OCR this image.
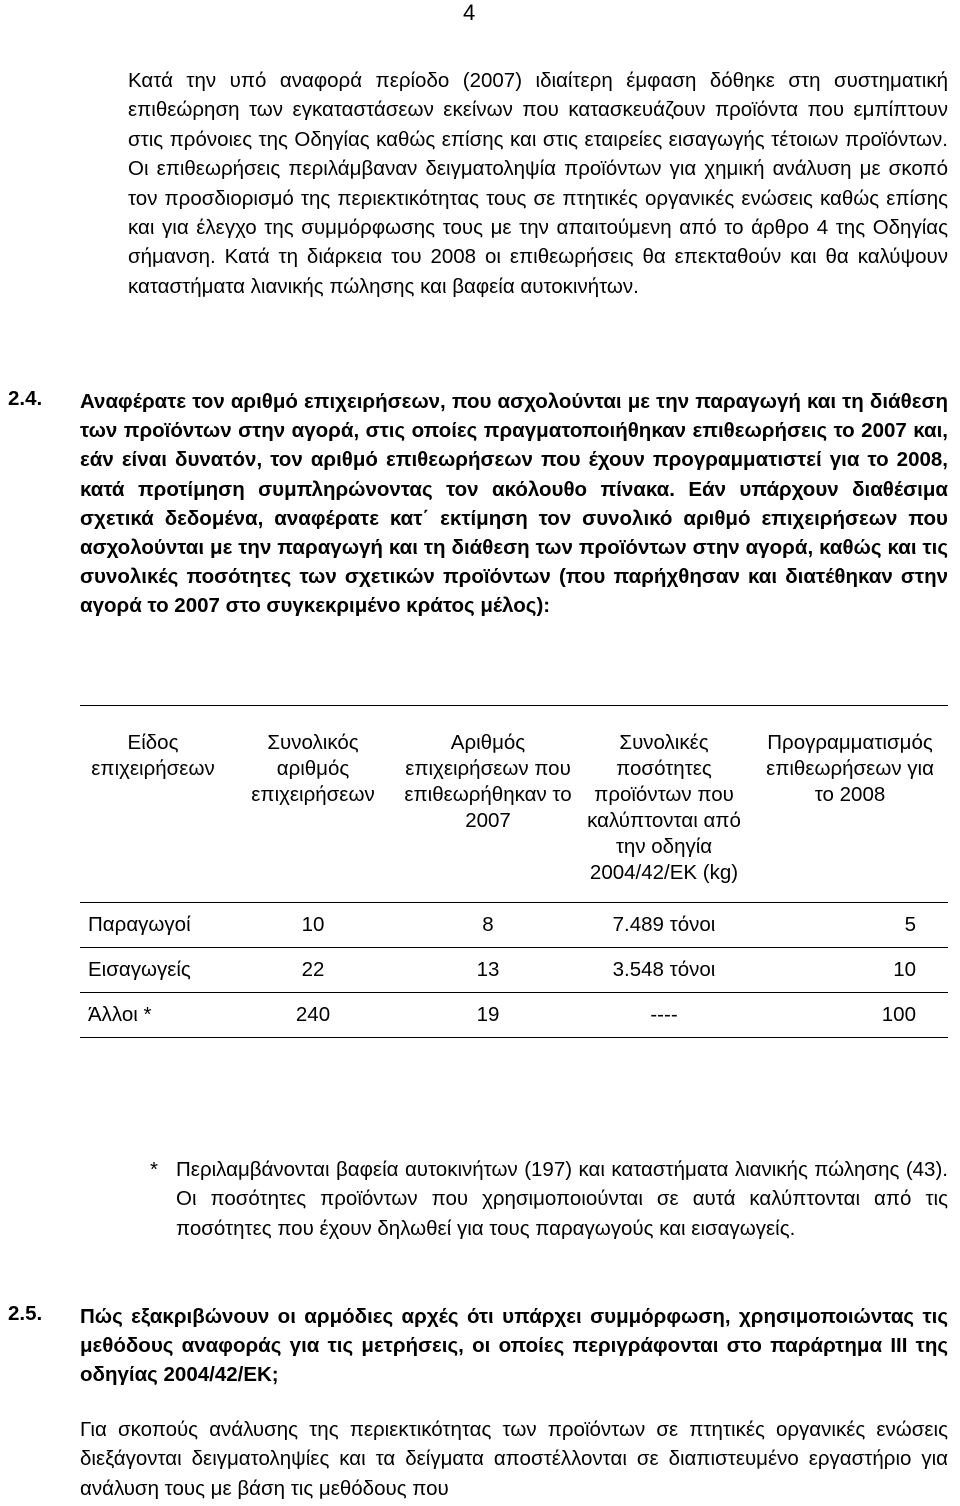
4
Κατά την υπό αναφορά περίοδο (2007) ιδιαίτερη έμφαση δόθηκε στη συστηματική επιθεώρηση των εγκαταστάσεων εκείνων που κατασκευάζουν προϊόντα που εμπίπτουν στις πρόνοιες της Οδηγίας καθώς επίσης και στις εταιρείες εισαγωγής τέτοιων προϊόντων. Οι επιθεωρήσεις περιλάμβαναν δειγματοληψία προϊόντων για χημική ανάλυση με σκοπό τον προσδιορισμό της περιεκτικότητας τους σε πτητικές οργανικές ενώσεις καθώς επίσης και για έλεγχο της συμμόρφωσης τους με την απαιτούμενη από το άρθρο 4 της Οδηγίας σήμανση. Κατά τη διάρκεια του 2008 οι επιθεωρήσεις θα επεκταθούν και θα καλύψουν καταστήματα λιανικής πώλησης και βαφεία αυτοκινήτων.
2.4. Αναφέρατε τον αριθμό επιχειρήσεων, που ασχολούνται με την παραγωγή και τη διάθεση των προϊόντων στην αγορά, στις οποίες πραγματοποιήθηκαν επιθεωρήσεις το 2007 και, εάν είναι δυνατόν, τον αριθμό επιθεωρήσεων που έχουν προγραμματιστεί για το 2008, κατά προτίμηση συμπληρώνοντας τον ακόλουθο πίνακα. Εάν υπάρχουν διαθέσιμα σχετικά δεδομένα, αναφέρατε κατ΄ εκτίμηση τον συνολικό αριθμό επιχειρήσεων που ασχολούνται με την παραγωγή και τη διάθεση των προϊόντων στην αγορά, καθώς και τις συνολικές ποσότητες των σχετικών προϊόντων (που παρήχθησαν και διατέθηκαν στην αγορά το 2007 στο συγκεκριμένο κράτος μέλος):
Είδος επιχειρήσεων	Συνολικός αριθμός επιχειρήσεων	Αριθμός επιχειρήσεων που επιθεωρήθηκαν το 2007	Συνολικές ποσότητες προϊόντων που καλύπτονται από την οδηγία 2004/42/ΕΚ (kg)	Προγραμματισμός επιθεωρήσεων για το 2008
Παραγωγοί	10	8	7.489 τόνοι	5
Εισαγωγείς	22	13	3.548 τόνοι	10
Άλλοι *	240	19	----	100
* Περιλαμβάνονται βαφεία αυτοκινήτων (197) και καταστήματα λιανικής πώλησης (43). Οι ποσότητες προϊόντων που χρησιμοποιούνται σε αυτά καλύπτονται από τις ποσότητες που έχουν δηλωθεί για τους παραγωγούς και εισαγωγείς.
2.5. Πώς εξακριβώνουν οι αρμόδιες αρχές ότι υπάρχει συμμόρφωση, χρησιμοποιώντας τις μεθόδους αναφοράς για τις μετρήσεις, οι οποίες περιγράφονται στο παράρτημα III της οδηγίας 2004/42/ΕΚ;
Για σκοπούς ανάλυσης της περιεκτικότητας των προϊόντων σε πτητικές οργανικές ενώσεις διεξάγονται δειγματοληψίες και τα δείγματα αποστέλλονται σε διαπιστευμένο εργαστήριο για ανάλυση τους με βάση τις μεθόδους που
